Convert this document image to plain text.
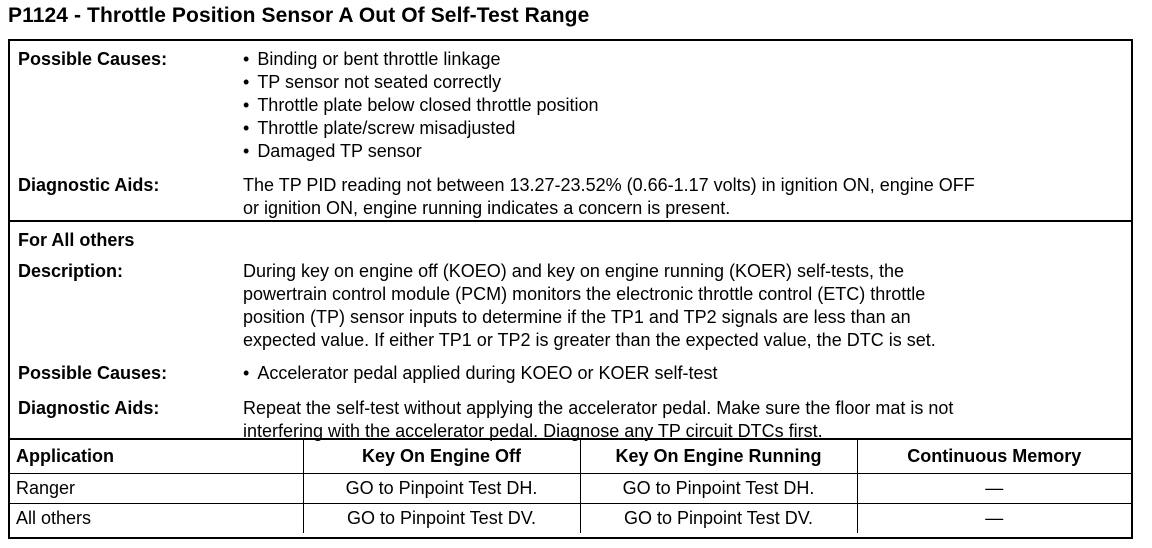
P1124 - Throttle Position Sensor A Out Of Self-Test Range
Possible Causes:	• Binding or bent throttle linkage
• TP sensor not seated correctly
• Throttle plate below closed throttle position
• Throttle plate/screw misadjusted
• Damaged TP sensor
Diagnostic Aids:	The TP PID reading not between 13.27-23.52% (0.66-1.17 volts) in ignition ON, engine OFF
or ignition ON, engine running indicates a concern is present.
For All others
Description:	During key on engine off (KOEO) and key on engine running (KOER) self-tests, the
powertrain control module (PCM) monitors the electronic throttle control (ETC) throttle
position (TP) sensor inputs to determine if the TP1 and TP2 signals are less than an
expected value. If either TP1 or TP2 is greater than the expected value, the DTC is set.
Possible Causes:	• Accelerator pedal applied during KOEO or KOER self-test
Diagnostic Aids:	Repeat the self-test without applying the accelerator pedal. Make sure the floor mat is not
interfering with the accelerator pedal. Diagnose any TP circuit DTCs first.
Application	Key On Engine Off	Key On Engine Running	Continuous Memory
Ranger	GO to Pinpoint Test DH.	GO to Pinpoint Test DH.	—
All others	GO to Pinpoint Test DV.	GO to Pinpoint Test DV.	—
